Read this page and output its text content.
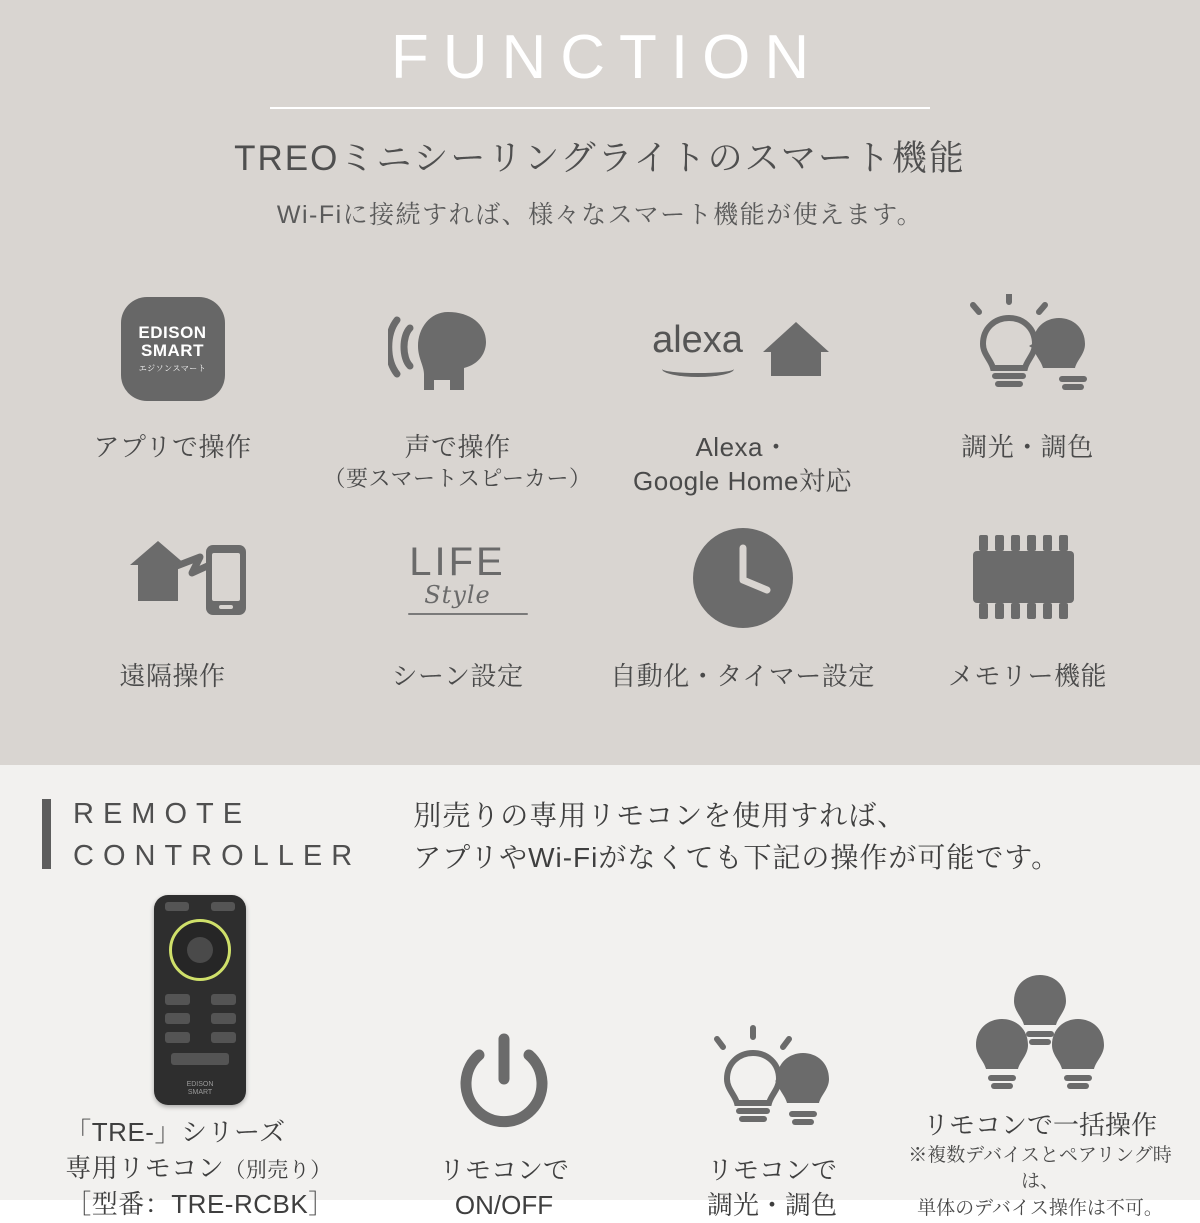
FUNCTION
TREOミニシーリングライトのスマート機能

Wi-Fiに接続すれば、様々なスマート機能が使えます。

EDISON
SMART
エジソンスマート
アプリで操作	声で操作
（要スマートスピーカー）
alexa
Alexa・
Google Home対応
調光・調色
遠隔操作
LIFE
Style
シーン設定	自動化・タイマー設定	メモリー機能
REMOTE
CONTROLLER
別売りの専用リモコンを使用すれば、
アプリやWi-Fiがなくても下記の操作が可能です。
EDISON
SMART
「TRE-」シリーズ
専用リモコン（別売り）
［型番：TRE-RCBK］
リモコンで
ON/OFF
リモコンで
調光・調色
リモコンで一括操作
※複数デバイスとペアリング時は、
単体のデバイス操作は不可。
